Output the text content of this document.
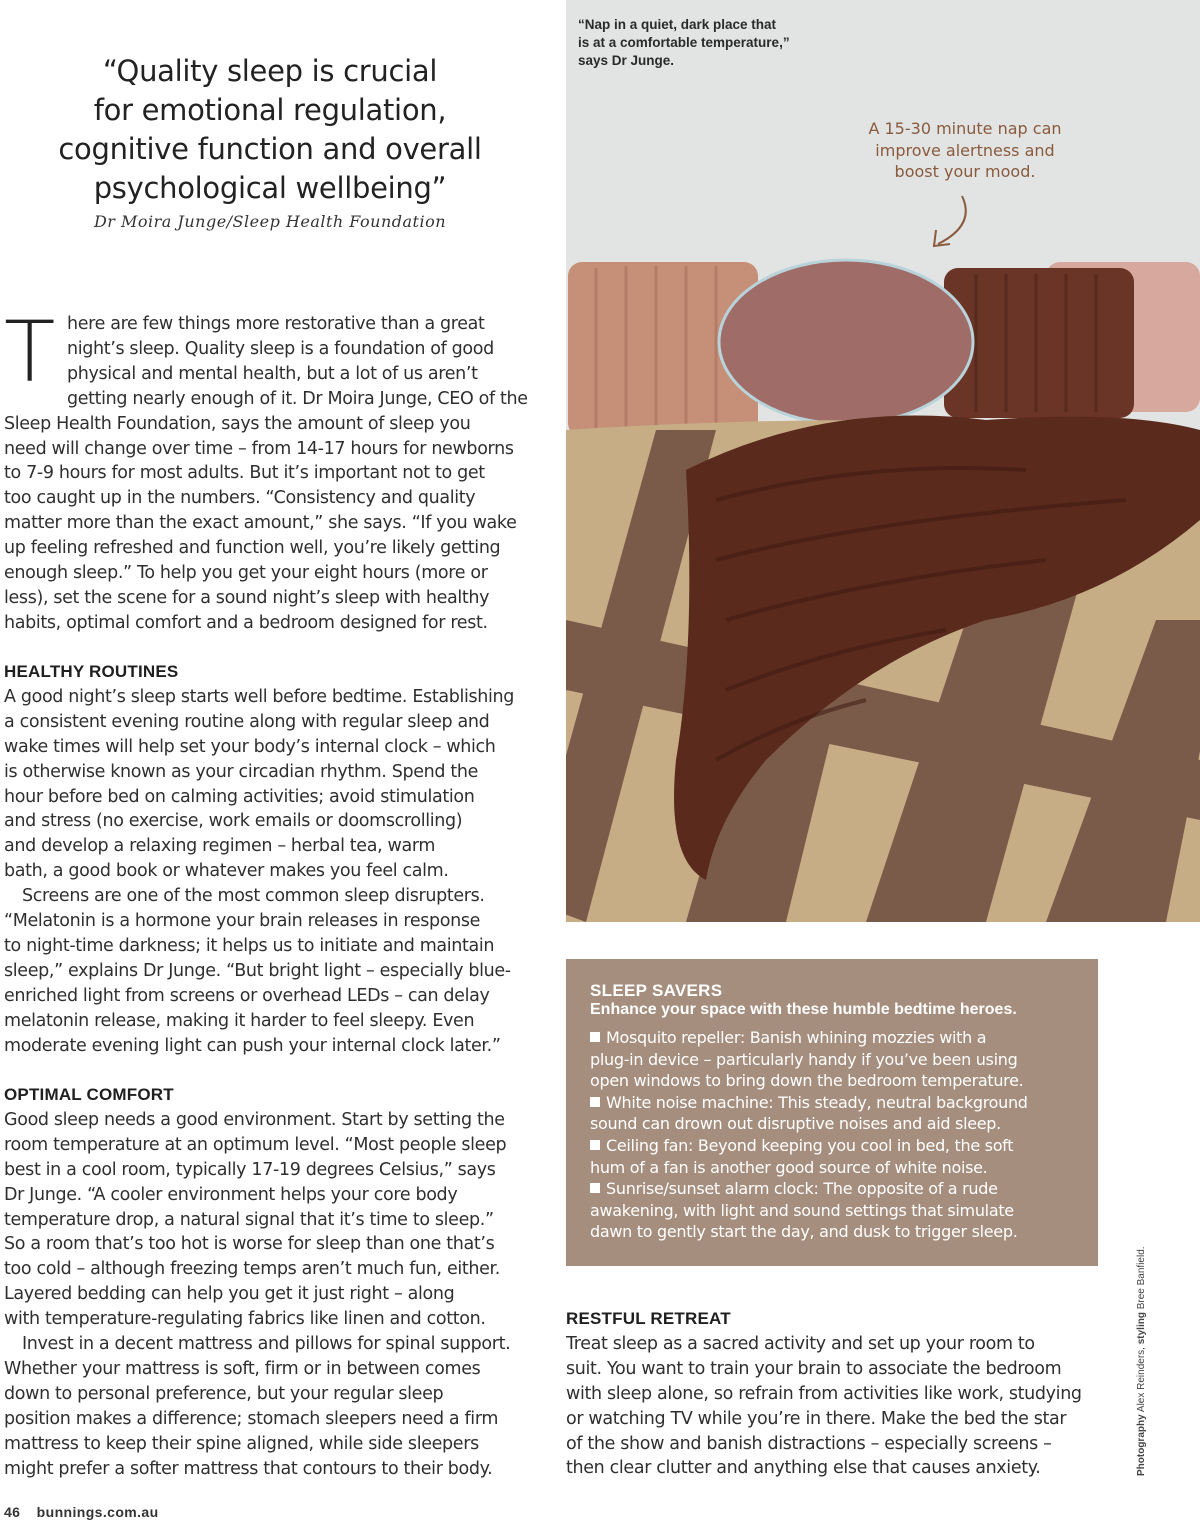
“Quality sleep is crucial
for emotional regulation,
cognitive function and overall
psychological wellbeing”
Dr Moira Junge/Sleep Health Foundation
T here are few things more restorative than a great
night’s sleep. Quality sleep is a foundation of good
physical and mental health, but a lot of us aren’t
getting nearly enough of it. Dr Moira Junge, CEO of the
Sleep Health Foundation, says the amount of sleep you
need will change over time – from 14-17 hours for newborns
to 7-9 hours for most adults. But it’s important not to get
too caught up in the numbers. “Consistency and quality
matter more than the exact amount,” she says. “If you wake
up feeling refreshed and function well, you’re likely getting
enough sleep.” To help you get your eight hours (more or
less), set the scene for a sound night’s sleep with healthy
habits, optimal comfort and a bedroom designed for rest.
HEALTHY ROUTINES
A good night’s sleep starts well before bedtime. Establishing
a consistent evening routine along with regular sleep and
wake times will help set your body’s internal clock – which
is otherwise known as your circadian rhythm. Spend the
hour before bed on calming activities; avoid stimulation
and stress (no exercise, work emails or doomscrolling)
and develop a relaxing regimen – herbal tea, warm
bath, a good book or whatever makes you feel calm.
Screens are one of the most common sleep disrupters.
“Melatonin is a hormone your brain releases in response
to night-time darkness; it helps us to initiate and maintain
sleep,” explains Dr Junge. “But bright light – especially blue-
enriched light from screens or overhead LEDs – can delay
melatonin release, making it harder to feel sleepy. Even
moderate evening light can push your internal clock later.”
OPTIMAL COMFORT
Good sleep needs a good environment. Start by setting the
room temperature at an optimum level. “Most people sleep
best in a cool room, typically 17-19 degrees Celsius,” says
Dr Junge. “A cooler environment helps your core body
temperature drop, a natural signal that it’s time to sleep.”
So a room that’s too hot is worse for sleep than one that’s
too cold – although freezing temps aren’t much fun, either.
Layered bedding can help you get it just right – along
with temperature-regulating fabrics like linen and cotton.
Invest in a decent mattress and pillows for spinal support.
Whether your mattress is soft, firm or in between comes
down to personal preference, but your regular sleep
position makes a difference; stomach sleepers need a firm
mattress to keep their spine aligned, while side sleepers
might prefer a softer mattress that contours to their body.
“Nap in a quiet, dark place that
is at a comfortable temperature,”
says Dr Junge.
A 15-30 minute nap can
improve alertness and
boost your mood.
SLEEP SAVERS
Enhance your space with these humble bedtime heroes.
Mosquito repeller: Banish whining mozzies with a
plug-in device – particularly handy if you’ve been using
open windows to bring down the bedroom temperature.
White noise machine: This steady, neutral background
sound can drown out disruptive noises and aid sleep.
Ceiling fan: Beyond keeping you cool in bed, the soft
hum of a fan is another good source of white noise.
Sunrise/sunset alarm clock: The opposite of a rude
awakening, with light and sound settings that simulate
dawn to gently start the day, and dusk to trigger sleep.
RESTFUL RETREAT
Treat sleep as a sacred activity and set up your room to
suit. You want to train your brain to associate the bedroom
with sleep alone, so refrain from activities like work, studying
or watching TV while you’re in there. Make the bed the star
of the show and banish distractions – especially screens –
then clear clutter and anything else that causes anxiety.	Photography Alex Reinders, styling Bree Banfield.
46 bunnings.com.au
